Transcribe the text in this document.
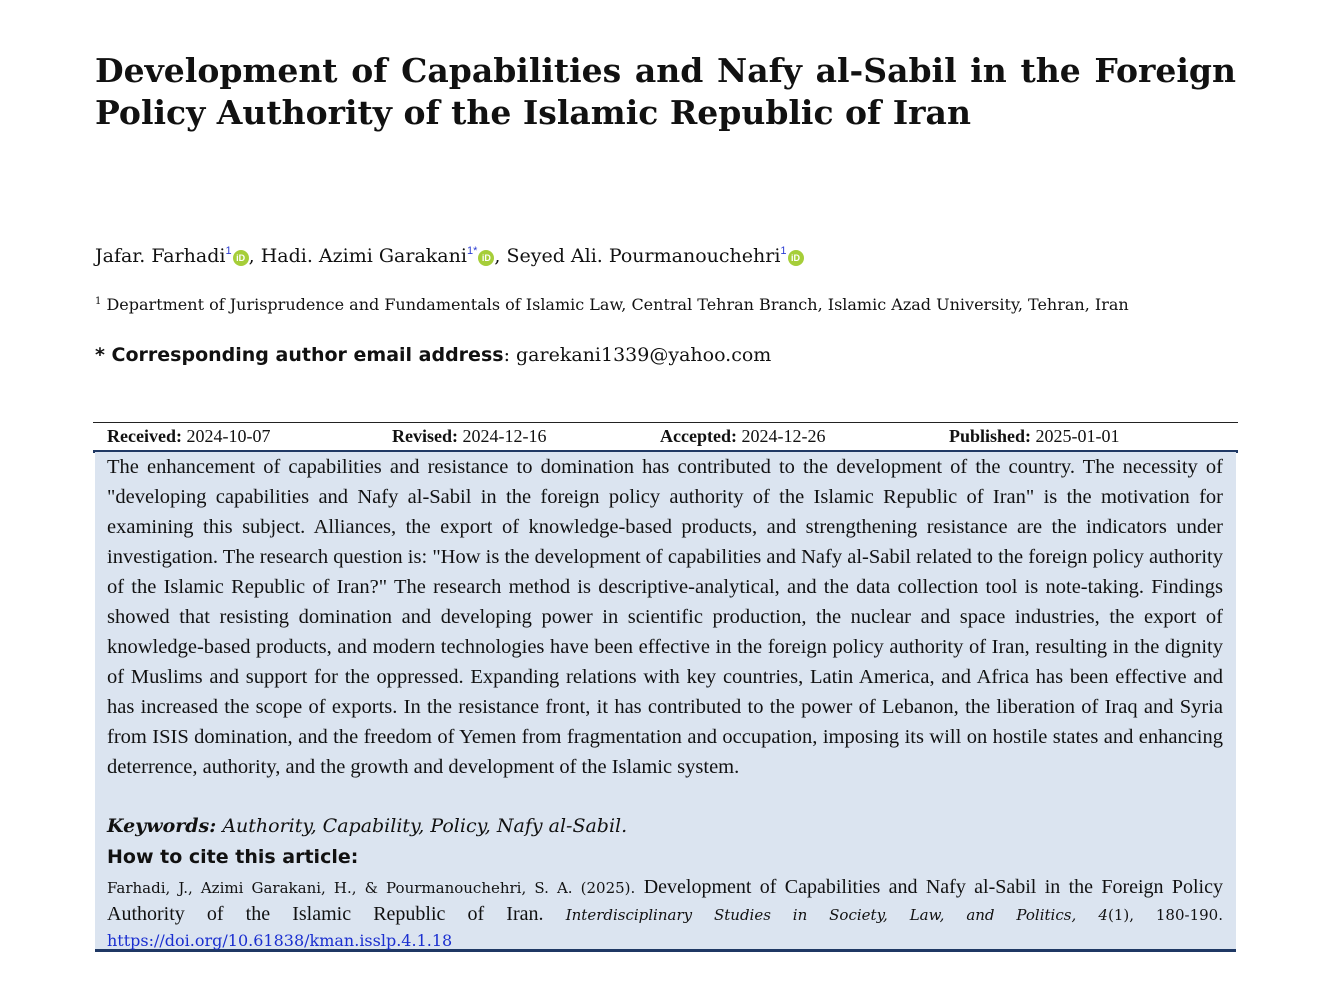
Development of Capabilities and Nafy al-Sabil in the Foreign Policy Authority of the Islamic Republic of Iran
Jafar. Farhadi$^1$iD , Hadi. Azimi Garakani$^{1*}$iD , Seyed Ali. Pourmanouchehri$^1$iD
$^1$ Department of Jurisprudence and Fundamentals of Islamic Law, Central Tehran Branch, Islamic Azad University, Tehran, Iran
* Corresponding author email address: garekani1339@yahoo.com
Received: 2024-10-07	Revised: 2024-12-16	Accepted: 2024-12-26	Published: 2025-01-01

The enhancement of capabilities and resistance to domination has contributed to the development of the country. The necessity of "developing capabilities and Nafy al-Sabil in the foreign policy authority of the Islamic Republic of Iran" is the motivation for examining this subject. Alliances, the export of knowledge-based products, and strengthening resistance are the indicators under investigation. The research question is: "How is the development of capabilities and Nafy al-Sabil related to the foreign policy authority of the Islamic Republic of Iran?" The research method is descriptive-analytical, and the data collection tool is note-taking. Findings showed that resisting domination and developing power in scientific production, the nuclear and space industries, the export of knowledge-based products, and modern technologies have been effective in the foreign policy authority of Iran, resulting in the dignity of Muslims and support for the oppressed. Expanding relations with key countries, Latin America, and Africa has been effective and has increased the scope of exports. In the resistance front, it has contributed to the power of Lebanon, the liberation of Iraq and Syria from ISIS domination, and the freedom of Yemen from fragmentation and occupation, imposing its will on hostile states and enhancing deterrence, authority, and the growth and development of the Islamic system.

Keywords: Authority, Capability, Policy, Nafy al-Sabil.
How to cite this article:
Farhadi, J., Azimi Garakani, H., & Pourmanouchehri, S. A. (2025). Development of Capabilities and Nafy al-Sabil in the Foreign Policy Authority of the Islamic Republic of Iran. Interdisciplinary Studies in Society, Law, and Politics, 4(1), 180-190. https://doi.org/10.61838/kman.isslp.4.1.18
